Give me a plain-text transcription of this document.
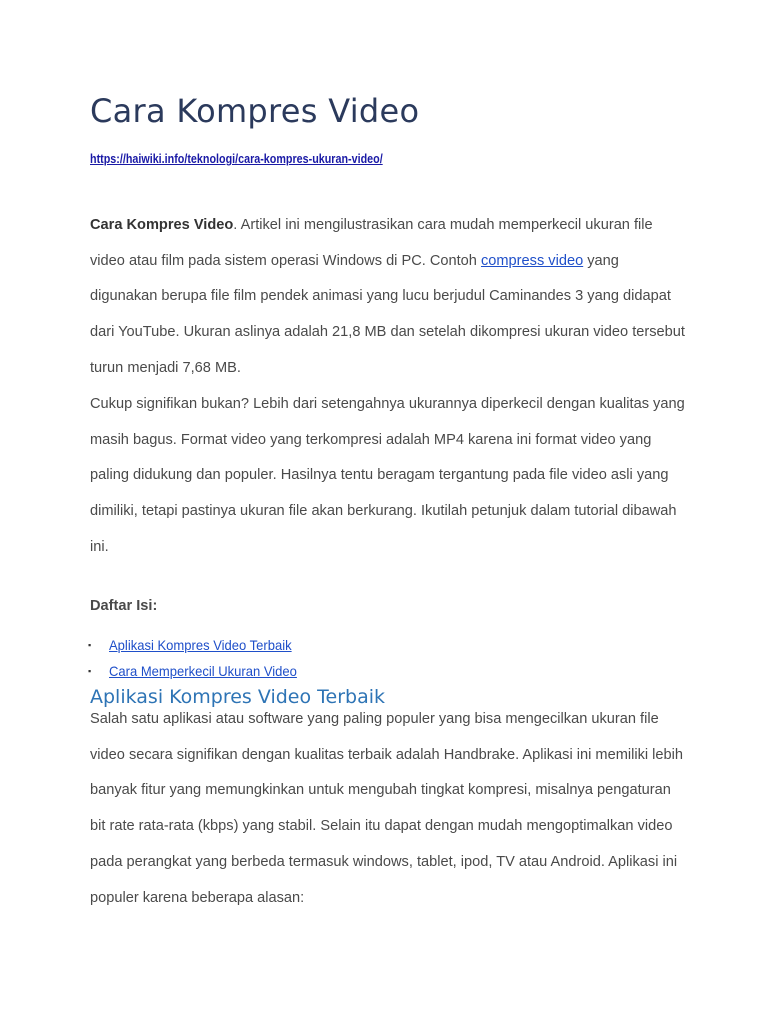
Cara Kompres Video
https://haiwiki.info/teknologi/cara-kompres-ukuran-video/

Cara Kompres Video. Artikel ini mengilustrasikan cara mudah memperkecil ukuran file video atau film pada sistem operasi Windows di PC. Contoh compress video yang digunakan berupa file film pendek animasi yang lucu berjudul Caminandes 3 yang didapat dari YouTube. Ukuran aslinya adalah 21,8 MB dan setelah dikompresi ukuran video tersebut turun menjadi 7,68 MB.

Cukup signifikan bukan? Lebih dari setengahnya ukurannya diperkecil dengan kualitas yang masih bagus. Format video yang terkompresi adalah MP4 karena ini format video yang paling didukung dan populer. Hasilnya tentu beragam tergantung pada file video asli yang dimiliki, tetapi pastinya ukuran file akan berkurang. Ikutilah petunjuk dalam tutorial dibawah ini.

Daftar Isi:

▪ Aplikasi Kompres Video Terbaik
▪ Cara Memperkecil Ukuran Video
Aplikasi Kompres Video Terbaik

Salah satu aplikasi atau software yang paling populer yang bisa mengecilkan ukuran file video secara signifikan dengan kualitas terbaik adalah Handbrake. Aplikasi ini memiliki lebih banyak fitur yang memungkinkan untuk mengubah tingkat kompresi, misalnya pengaturan bit rate rata-rata (kbps) yang stabil. Selain itu dapat dengan mudah mengoptimalkan video pada perangkat yang berbeda termasuk windows, tablet, ipod, TV atau Android. Aplikasi ini populer karena beberapa alasan:
